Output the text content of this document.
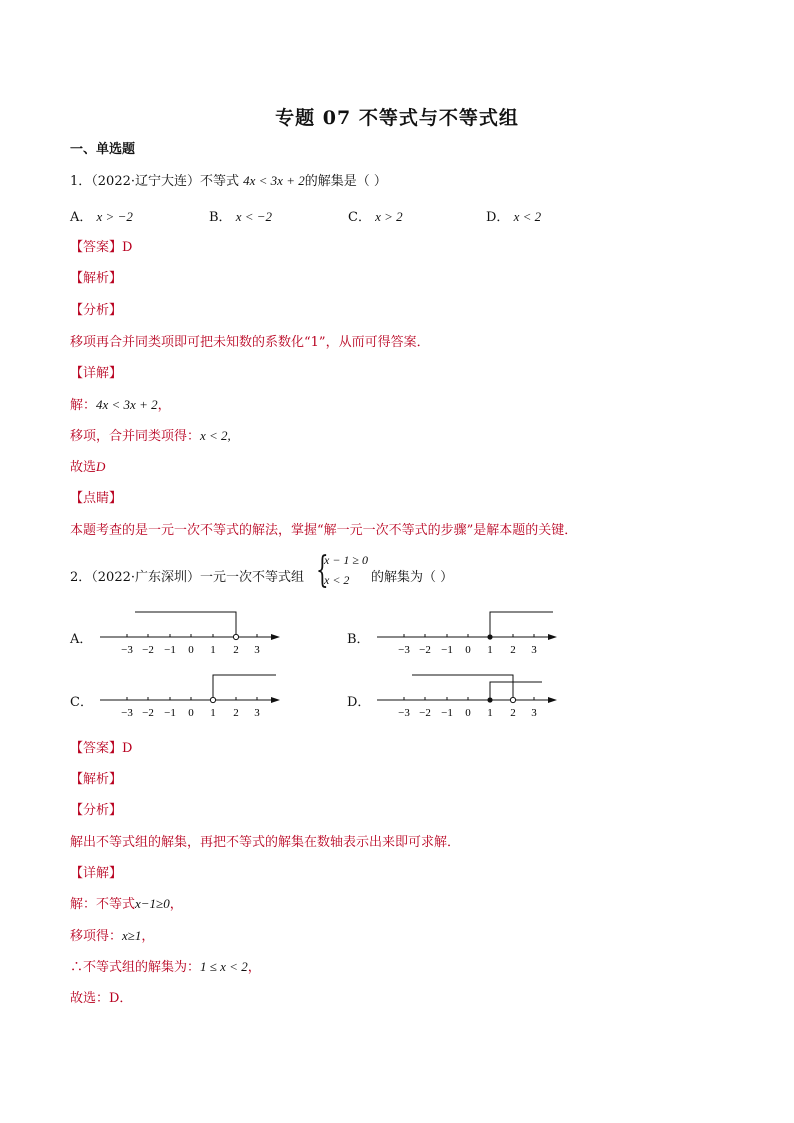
专题 07 不等式与不等式组
一、单选题
1．（2022·辽宁大连）不等式 4x < 3x + 2的解集是（ ）
A． x > −2	B． x < −2	C． x > 2	D． x < 2
【答案】D
【解析】
【分析】
移项再合并同类项即可把未知数的系数化“1”，从而可得答案．
【详解】
解：4x < 3x + 2，
移项，合并同类项得：x < 2,
故选D
【点睛】
本题考查的是一元一次不等式的解法，掌握“解一元一次不等式的步骤”是解本题的关键．
2．（2022·广东深圳）一元一次不等式组 {
x − 1 ≥ 0
x < 2 的解集为（ ）
A．	B．
C．	D．
−3 −2 −1 0 1 2 3	−3 −2 −1 0 1 2 3
−3 −2 −1 0 1 2 3	−3 −2 −1 0 1 2 3
【答案】D
【解析】
【分析】
解出不等式组的解集，再把不等式的解集在数轴表示出来即可求解．
【详解】
解：不等式x−1≥0，
移项得：x≥1，
∴不等式组的解集为：1 ≤ x < 2，
故选：D．
